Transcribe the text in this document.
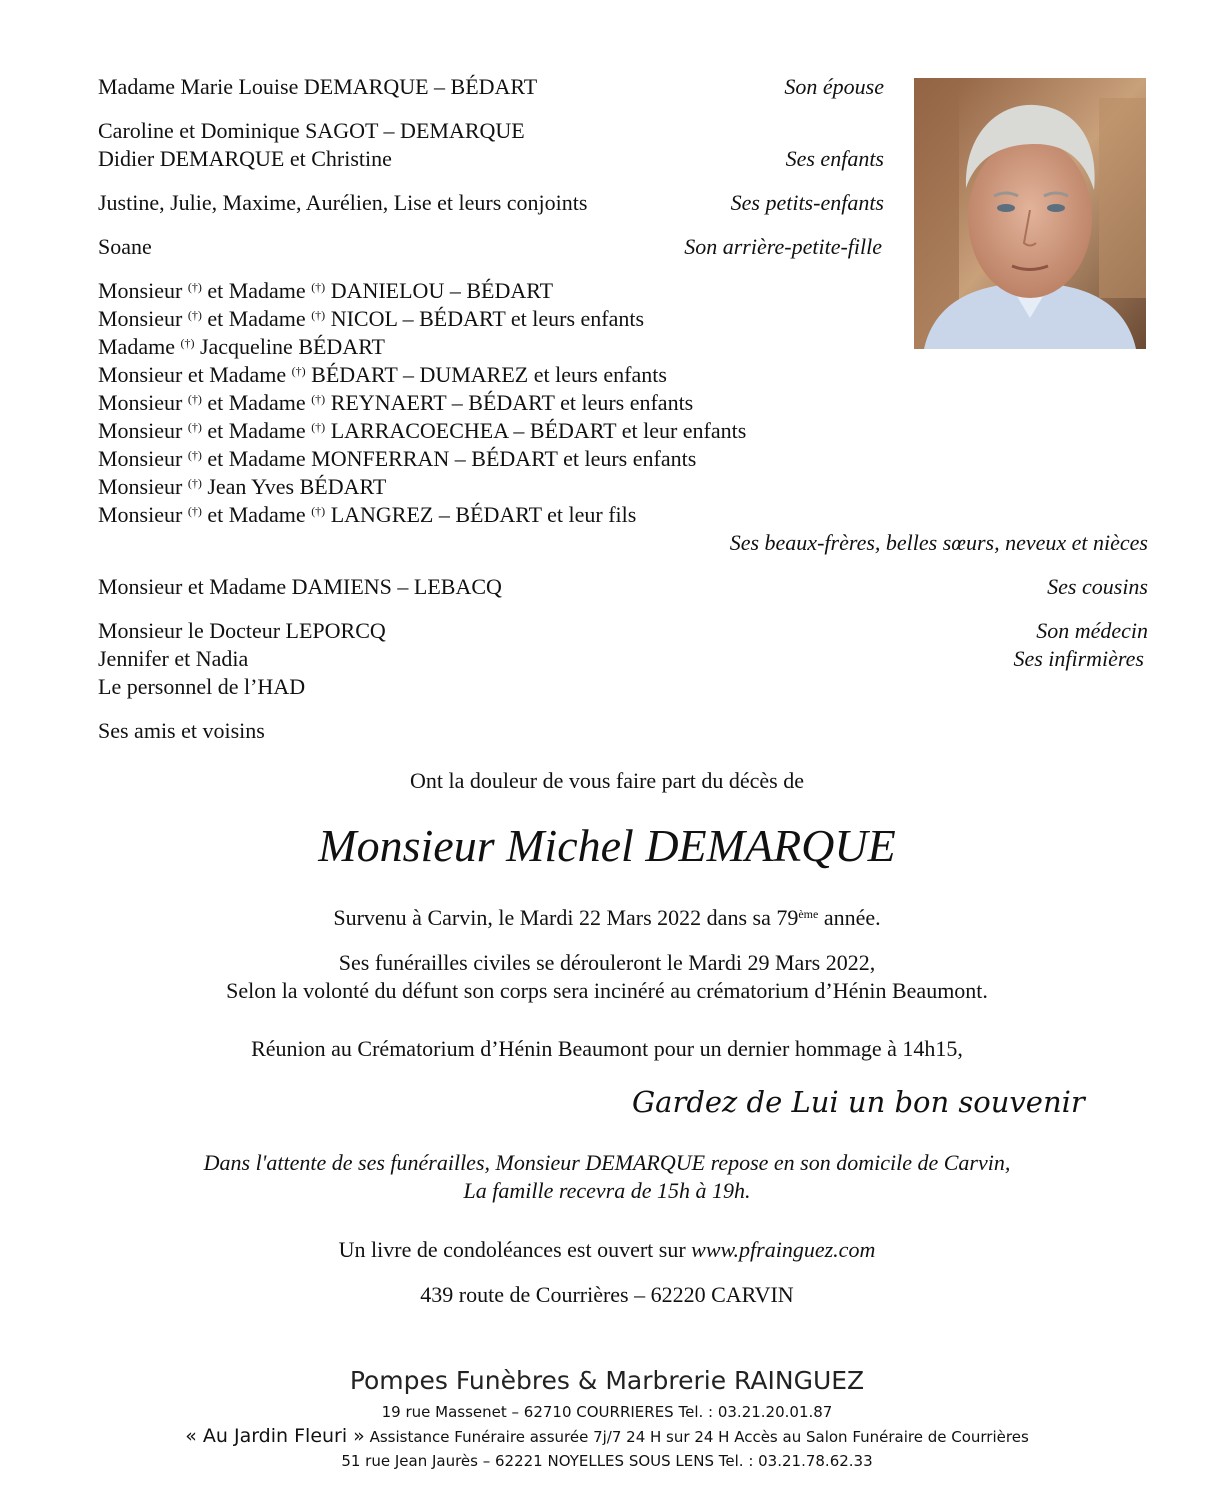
Madame Marie Louise DEMARQUE – BÉDART	Son épouse
Caroline et Dominique SAGOT – DEMARQUE
Didier DEMARQUE et Christine	Ses enfants
Justine, Julie, Maxime, Aurélien, Lise et leurs conjoints	Ses petits-enfants
Soane	Son arrière-petite-fille
Monsieur (†) et Madame (†) DANIELOU – BÉDART
Monsieur (†) et Madame (†) NICOL – BÉDART et leurs enfants
Madame (†) Jacqueline BÉDART
Monsieur et Madame (†) BÉDART – DUMAREZ et leurs enfants
Monsieur (†) et Madame (†) REYNAERT – BÉDART et leurs enfants
Monsieur (†) et Madame (†) LARRACOECHEA – BÉDART et leur enfants
Monsieur (†) et Madame MONFERRAN – BÉDART et leurs enfants
Monsieur (†) Jean Yves BÉDART
Monsieur (†) et Madame (†) LANGREZ – BÉDART et leur fils
Ses beaux-frères, belles sœurs, neveux et nièces
Monsieur et Madame DAMIENS – LEBACQ	Ses cousins
Monsieur le Docteur LEPORCQ	Son médecin
Jennifer et Nadia	Ses infirmières
Le personnel de l’HAD
Ses amis et voisins
Ont la douleur de vous faire part du décès de
Monsieur Michel DEMARQUE
Survenu à Carvin, le Mardi 22 Mars 2022 dans sa 79ème année.
Ses funérailles civiles se dérouleront le Mardi 29 Mars 2022,
Selon la volonté du défunt son corps sera incinéré au crématorium d’Hénin Beaumont.
Réunion au Crématorium d’Hénin Beaumont pour un dernier hommage à 14h15,
Gardez de Lui un bon souvenir
Dans l'attente de ses funérailles, Monsieur DEMARQUE repose en son domicile de Carvin,
La famille recevra de 15h à 19h.
Un livre de condoléances est ouvert sur www.pfrainguez.com
439 route de Courrières – 62220 CARVIN
Pompes Funèbres & Marbrerie RAINGUEZ
19 rue Massenet – 62710 COURRIERES Tel. : 03.21.20.01.87
« Au Jardin Fleuri » Assistance Funéraire assurée 7j/7 24 H sur 24 H Accès au Salon Funéraire de Courrières
51 rue Jean Jaurès – 62221 NOYELLES SOUS LENS Tel. : 03.21.78.62.33
